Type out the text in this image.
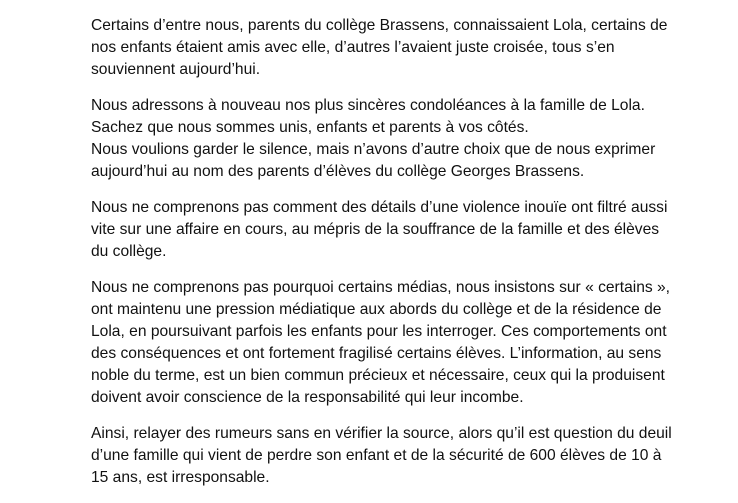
Certains d’entre nous, parents du collège Brassens, connaissaient Lola, certains de
nos enfants étaient amis avec elle, d’autres l’avaient juste croisée, tous s’en
souviennent aujourd’hui.

Nous adressons à nouveau nos plus sincères condoléances à la famille de Lola.
Sachez que nous sommes unis, enfants et parents à vos côtés.
Nous voulions garder le silence, mais n’avons d’autre choix que de nous exprimer
aujourd’hui au nom des parents d’élèves du collège Georges Brassens.

Nous ne comprenons pas comment des détails d’une violence inouïe ont filtré aussi
vite sur une affaire en cours, au mépris de la souffrance de la famille et des élèves
du collège.

Nous ne comprenons pas pourquoi certains médias, nous insistons sur « certains »,
ont maintenu une pression médiatique aux abords du collège et de la résidence de
Lola, en poursuivant parfois les enfants pour les interroger. Ces comportements ont
des conséquences et ont fortement fragilisé certains élèves. L’information, au sens
noble du terme, est un bien commun précieux et nécessaire, ceux qui la produisent
doivent avoir conscience de la responsabilité qui leur incombe.

Ainsi, relayer des rumeurs sans en vérifier la source, alors qu’il est question du deuil
d’une famille qui vient de perdre son enfant et de la sécurité de 600 élèves de 10 à
15 ans, est irresponsable.
